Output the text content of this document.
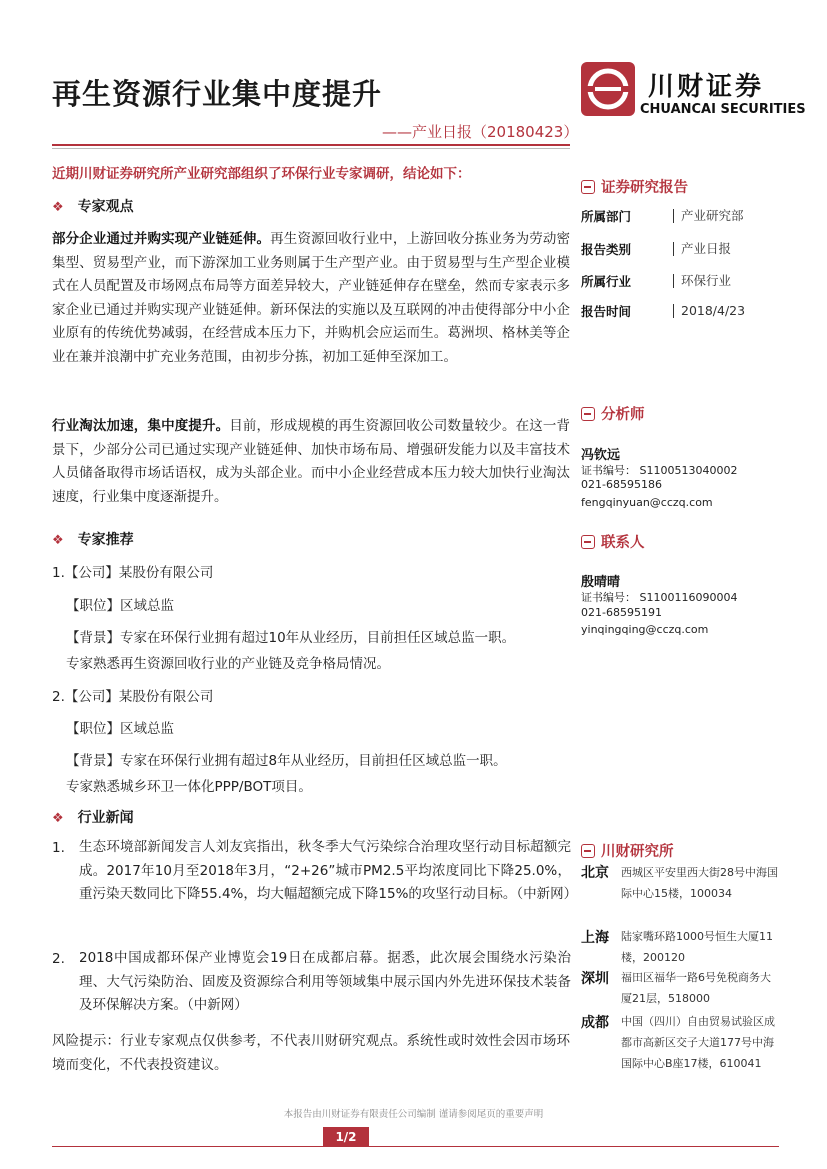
再生资源行业集中度提升
——产业日报（20180423）
川财证券
CHUANCAI SECURITIES
近期川财证券研究所产业研究部组织了环保行业专家调研，结论如下：
❖ 专家观点
部分企业通过并购实现产业链延伸。再生资源回收行业中，上游回收分拣业务为劳动密集型、贸易型产业，而下游深加工业务则属于生产型产业。由于贸易型与生产型企业模式在人员配置及市场网点布局等方面差异较大，产业链延伸存在壁垒，然而专家表示多家企业已通过并购实现产业链延伸。新环保法的实施以及互联网的冲击使得部分中小企业原有的传统优势减弱，在经营成本压力下，并购机会应运而生。葛洲坝、格林美等企业在兼并浪潮中扩充业务范围，由初步分拣，初加工延伸至深加工。
行业淘汰加速，集中度提升。目前，形成规模的再生资源回收公司数量较少。在这一背景下，少部分公司已通过实现产业链延伸、加快市场布局、增强研发能力以及丰富技术人员储备取得市场话语权，成为头部企业。而中小企业经营成本压力较大加快行业淘汰速度，行业集中度逐渐提升。
❖ 专家推荐
1.【公司】某股份有限公司
【职位】区域总监
【背景】专家在环保行业拥有超过10年从业经历，目前担任区域总监一职。
专家熟悉再生资源回收行业的产业链及竞争格局情况。
2.【公司】某股份有限公司
【职位】区域总监
【背景】专家在环保行业拥有超过8年从业经历，目前担任区域总监一职。
专家熟悉城乡环卫一体化PPP/BOT项目。
❖ 行业新闻
1. 生态环境部新闻发言人刘友宾指出，秋冬季大气污染综合治理攻坚行动目标超额完成。2017年10月至2018年3月，“2+26”城市PM2.5平均浓度同比下降25.0%，重污染天数同比下降55.4%，均大幅超额完成下降15%的攻坚行动目标。（中新网）
2. 2018中国成都环保产业博览会19日在成都启幕。据悉，此次展会围绕水污染治理、大气污染防治、固废及资源综合利用等领域集中展示国内外先进环保技术装备及环保解决方案。（中新网）
风险提示：行业专家观点仅供参考，不代表川财研究观点。系统性或时效性会因市场环境而变化，不代表投资建议。
证券研究报告
所属部门	产业研究部
报告类别	产业日报
所属行业	环保行业
报告时间	2018/4/23
分析师
冯钦远
证书编号： S1100513040002
021-68595186
fengqinyuan@cczq.com
联系人
殷晴晴
证书编号： S1100116090004
021-68595191
yinqingqing@cczq.com
川财研究所
北京 西城区平安里西大街28号中海国际中心15楼，100034
上海 陆家嘴环路1000号恒生大厦11楼，200120
深圳 福田区福华一路6号免税商务大厦21层，518000
成都 中国（四川）自由贸易试验区成都市高新区交子大道177号中海国际中心B座17楼，610041
本报告由川财证券有限责任公司编制 谨请参阅尾页的重要声明
1/2
